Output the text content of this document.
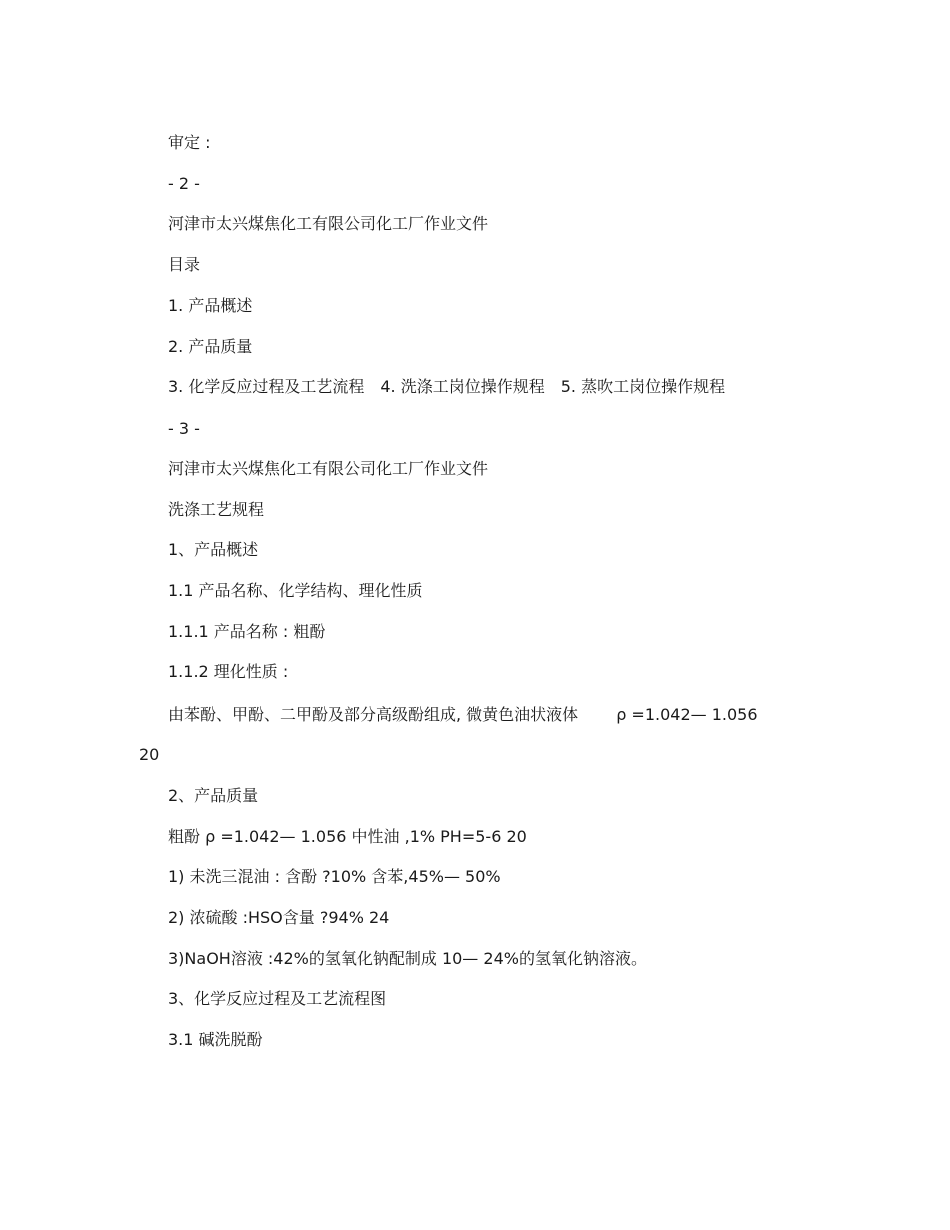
审定 :
- 2 -
河津市太兴煤焦化工有限公司化工厂作业文件
目录
1. 产品概述
2. 产品质量
3. 化学反应过程及工艺流程 4. 洗涤工岗位操作规程 5. 蒸吹工岗位操作规程
- 3 -
河津市太兴煤焦化工有限公司化工厂作业文件
洗涤工艺规程
1、产品概述
1.1 产品名称、化学结构、理化性质
1.1.1 产品名称 : 粗酚
1.1.2 理化性质 :
由苯酚、甲酚、二甲酚及部分高级酚组成, 微黄色油状液体 ρ =1.042— 1.056
20
2、产品质量
粗酚 ρ =1.042— 1.056 中性油 ,1% PH=5-6 20
1) 未洗三混油 : 含酚 ?10% 含苯,45%— 50%
2) 浓硫酸 :HSO含量 ?94% 24
3)NaOH溶液 :42%的氢氧化钠配制成 10— 24%的氢氧化钠溶液。
3、化学反应过程及工艺流程图
3.1 碱洗脱酚
